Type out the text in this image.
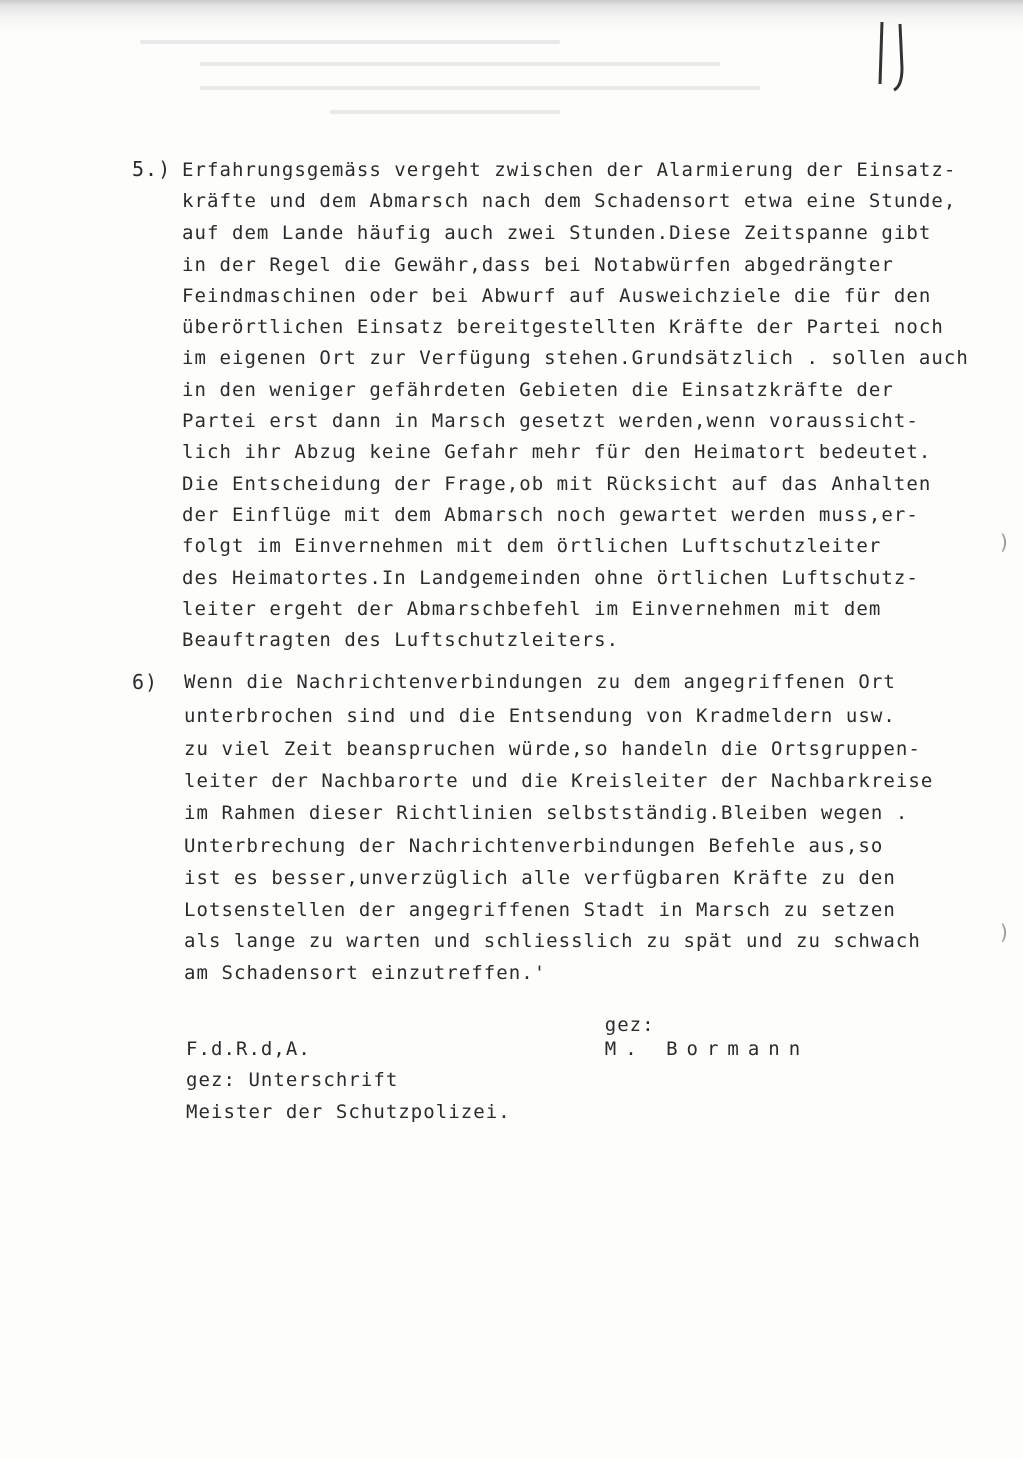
)
)
5.) Erfahrungsgemäss vergeht zwischen der Alarmierung der Einsatz-
kräfte und dem Abmarsch nach dem Schadensort etwa eine Stunde,
auf dem Lande häufig auch zwei Stunden.Diese Zeitspanne gibt
in der Regel die Gewähr,dass bei Notabwürfen abgedrängter
Feindmaschinen oder bei Abwurf auf Ausweichziele die für den
überörtlichen Einsatz bereitgestellten Kräfte der Partei noch
im eigenen Ort zur Verfügung stehen.Grundsätzlich . sollen auch
in den weniger gefährdeten Gebieten die Einsatzkräfte der
Partei erst dann in Marsch gesetzt werden,wenn voraussicht-
lich ihr Abzug keine Gefahr mehr für den Heimatort bedeutet.
Die Entscheidung der Frage,ob mit Rücksicht auf das Anhalten
der Einflüge mit dem Abmarsch noch gewartet werden muss,er-
folgt im Einvernehmen mit dem örtlichen Luftschutzleiter
des Heimatortes.In Landgemeinden ohne örtlichen Luftschutz-
leiter ergeht der Abmarschbefehl im Einvernehmen mit dem
Beauftragten des Luftschutzleiters.
6) Wenn die Nachrichtenverbindungen zu dem angegriffenen Ort
unterbrochen sind und die Entsendung von Kradmeldern usw.
zu viel Zeit beanspruchen würde,so handeln die Ortsgruppen-
leiter der Nachbarorte und die Kreisleiter der Nachbarkreise
im Rahmen dieser Richtlinien selbstständig.Bleiben wegen .
Unterbrechung der Nachrichtenverbindungen Befehle aus,so
ist es besser,unverzüglich alle verfügbaren Kräfte zu den
Lotsenstellen der angegriffenen Stadt in Marsch zu setzen
als lange zu warten und schliesslich zu spät und zu schwach
am Schadensort einzutreffen.'

gez:
M. Bormann

F.d.R.d,A.
gez: Unterschrift
Meister der Schutzpolizei.
